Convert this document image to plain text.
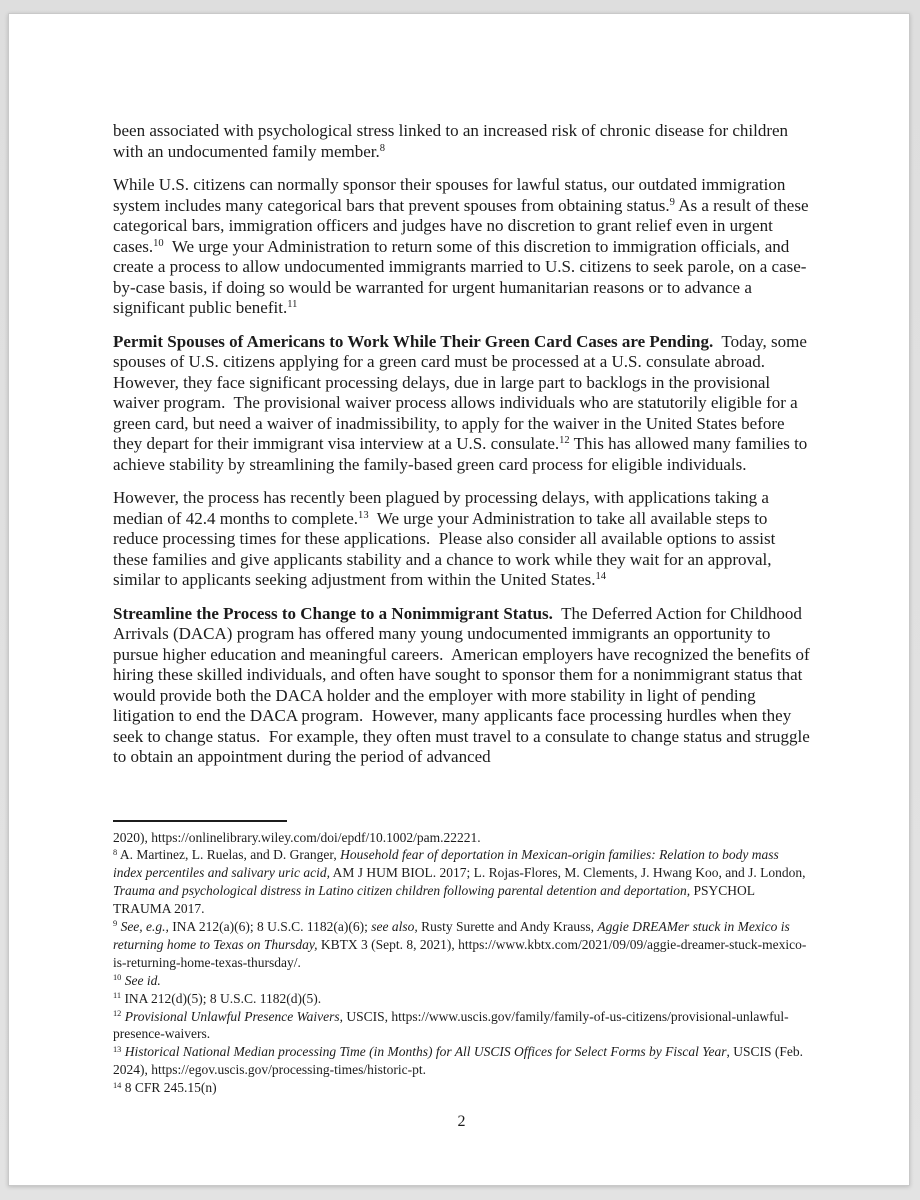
been associated with psychological stress linked to an increased risk of chronic disease for children with an undocumented family member.$^8$

While U.S. citizens can normally sponsor their spouses for lawful status, our outdated immigration system includes many categorical bars that prevent spouses from obtaining status.$^9$ As a result of these categorical bars, immigration officers and judges have no discretion to grant relief even in urgent cases.$^{10}$  We urge your Administration to return some of this discretion to immigration officials, and create a process to allow undocumented immigrants married to U.S. citizens to seek parole, on a case-by-case basis, if doing so would be warranted for urgent humanitarian reasons or to advance a significant public benefit.$^{11}$

Permit Spouses of Americans to Work While Their Green Card Cases are Pending.  Today, some spouses of U.S. citizens applying for a green card must be processed at a U.S. consulate abroad.  However, they face significant processing delays, due in large part to backlogs in the provisional waiver program.  The provisional waiver process allows individuals who are statutorily eligible for a green card, but need a waiver of inadmissibility, to apply for the waiver in the United States before they depart for their immigrant visa interview at a U.S. consulate.$^{12}$ This has allowed many families to achieve stability by streamlining the family-based green card process for eligible individuals.

However, the process has recently been plagued by processing delays, with applications taking a median of 42.4 months to complete.$^{13}$  We urge your Administration to take all available steps to reduce processing times for these applications.  Please also consider all available options to assist these families and give applicants stability and a chance to work while they wait for an approval, similar to applicants seeking adjustment from within the United States.$^{14}$

Streamline the Process to Change to a Nonimmigrant Status.  The Deferred Action for Childhood Arrivals (DACA) program has offered many young undocumented immigrants an opportunity to pursue higher education and meaningful careers.  American employers have recognized the benefits of hiring these skilled individuals, and often have sought to sponsor them for a nonimmigrant status that would provide both the DACA holder and the employer with more stability in light of pending litigation to end the DACA program.  However, many applicants face processing hurdles when they seek to change status.  For example, they often must travel to a consulate to change status and struggle to obtain an appointment during the period of advanced

2020), https://onlinelibrary.wiley.com/doi/epdf/10.1002/pam.22221.
$^8$ A. Martinez, L. Ruelas, and D. Granger, Household fear of deportation in Mexican-origin families: Relation to body mass index percentiles and salivary uric acid, AM J HUM BIOL. 2017; L. Rojas-Flores, M. Clements, J. Hwang Koo, and J. London, Trauma and psychological distress in Latino citizen children following parental detention and deportation, PSYCHOL TRAUMA 2017.
$^9$ See, e.g., INA 212(a)(6); 8 U.S.C. 1182(a)(6); see also, Rusty Surette and Andy Krauss, Aggie DREAMer stuck in Mexico is returning home to Texas on Thursday, KBTX 3 (Sept. 8, 2021), https://www.kbtx.com/2021/09/09/aggie-dreamer-stuck-mexico-is-returning-home-texas-thursday/.
$^{10}$ See id.
$^{11}$ INA 212(d)(5); 8 U.S.C. 1182(d)(5).
$^{12}$ Provisional Unlawful Presence Waivers, USCIS, https://www.uscis.gov/family/family-of-us-citizens/provisional-unlawful-presence-waivers.
$^{13}$ Historical National Median processing Time (in Months) for All USCIS Offices for Select Forms by Fiscal Year, USCIS (Feb. 2024), https://egov.uscis.gov/processing-times/historic-pt.
$^{14}$ 8 CFR 245.15(n)
2
